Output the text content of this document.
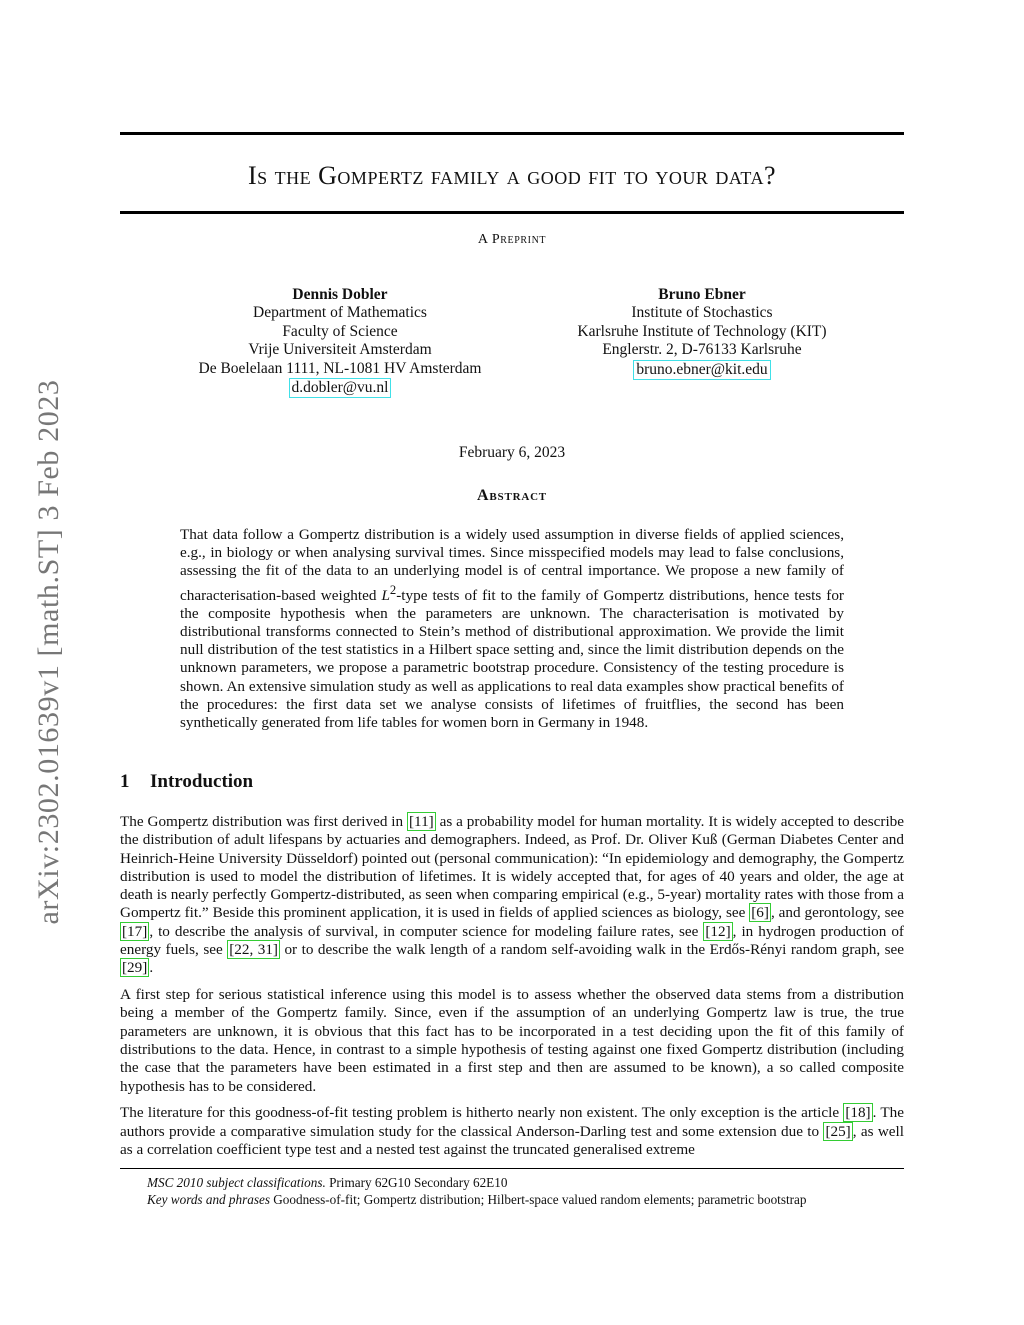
arXiv:2302.01639v1 [math.ST] 3 Feb 2023
Is the Gompertz family a good fit to your data?
A Preprint
Dennis Dobler
Department of Mathematics
Faculty of Science
Vrije Universiteit Amsterdam
De Boelelaan 1111, NL-1081 HV Amsterdam
d.dobler@vu.nl
Bruno Ebner
Institute of Stochastics
Karlsruhe Institute of Technology (KIT)
Englerstr. 2, D-76133 Karlsruhe
bruno.ebner@kit.edu
February 6, 2023
Abstract
That data follow a Gompertz distribution is a widely used assumption in diverse fields of applied sciences, e.g., in biology or when analysing survival times. Since misspecified models may lead to false conclusions, assessing the fit of the data to an underlying model is of central importance. We propose a new family of characterisation-based weighted $L^2$-type tests of fit to the family of Gompertz distributions, hence tests for the composite hypothesis when the parameters are unknown. The characterisation is motivated by distributional transforms connected to Stein’s method of distributional approximation. We provide the limit null distribution of the test statistics in a Hilbert space setting and, since the limit distribution depends on the unknown parameters, we propose a parametric bootstrap procedure. Consistency of the testing procedure is shown. An extensive simulation study as well as applications to real data examples show practical benefits of the procedures: the first data set we analyse consists of lifetimes of fruitflies, the second has been synthetically generated from life tables for women born in Germany in 1948.
1 Introduction

The Gompertz distribution was first derived in [11] as a probability model for human mortality. It is widely accepted to describe the distribution of adult lifespans by actuaries and demographers. Indeed, as Prof. Dr. Oliver Kuß (German Diabetes Center and Heinrich-Heine University Düsseldorf) pointed out (personal communication): “In epidemiology and demography, the Gompertz distribution is used to model the distribution of lifetimes. It is widely accepted that, for ages of 40 years and older, the age at death is nearly perfectly Gompertz-distributed, as seen when comparing empirical (e.g., 5-year) mortality rates with those from a Gompertz fit.” Beside this prominent application, it is used in fields of applied sciences as biology, see [6] , and gerontology, see [17] , to describe the analysis of survival, in computer science for modeling failure rates, see [12] , in hydrogen production of energy fuels, see [22, 31] or to describe the walk length of a random self-avoiding walk in the Erdős-Rényi random graph, see [29] .

A first step for serious statistical inference using this model is to assess whether the observed data stems from a distribution being a member of the Gompertz family. Since, even if the assumption of an underlying Gompertz law is true, the true parameters are unknown, it is obvious that this fact has to be incorporated in a test deciding upon the fit of this family of distributions to the data. Hence, in contrast to a simple hypothesis of testing against one fixed Gompertz distribution (including the case that the parameters have been estimated in a first step and then are assumed to be known), a so called composite hypothesis has to be considered.

The literature for this goodness-of-fit testing problem is hitherto nearly non existent. The only exception is the article [18] . The authors provide a comparative simulation study for the classical Anderson-Darling test and some extension due to [25] , as well as a correlation coefficient type test and a nested test against the truncated generalised extreme

MSC 2010 subject classifications. Primary 62G10 Secondary 62E10
Key words and phrases Goodness-of-fit; Gompertz distribution; Hilbert-space valued random elements; parametric bootstrap
